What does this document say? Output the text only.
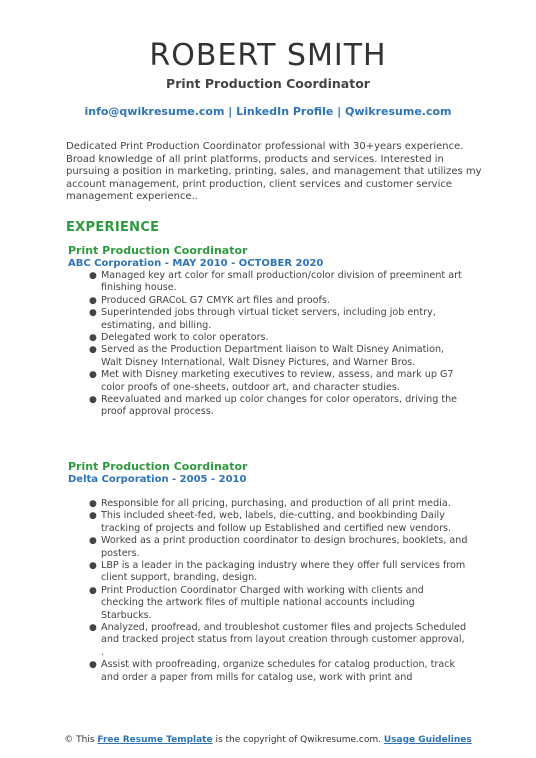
ROBERT SMITH
Print Production Coordinator
info@qwikresume.com | LinkedIn Profile | Qwikresume.com
Dedicated Print Production Coordinator professional with 30+years experience. Broad knowledge of all print platforms, products and services. Interested in pursuing a position in marketing, printing, sales, and management that utilizes my account management, print production, client services and customer service management experience..
EXPERIENCE
Print Production Coordinator
ABC Corporation - MAY 2010 - OCTOBER 2020
● Managed key art color for small production/color division of preeminent art finishing house.
● Produced GRACoL G7 CMYK art files and proofs.
● Superintended jobs through virtual ticket servers, including job entry, estimating, and billing.
● Delegated work to color operators.
● Served as the Production Department liaison to Walt Disney Animation, Walt Disney International, Walt Disney Pictures, and Warner Bros.
● Met with Disney marketing executives to review, assess, and mark up G7 color proofs of one-sheets, outdoor art, and character studies.
● Reevaluated and marked up color changes for color operators, driving the proof approval process.
Print Production Coordinator
Delta Corporation - 2005 - 2010
● Responsible for all pricing, purchasing, and production of all print media.
● This included sheet-fed, web, labels, die-cutting, and bookbinding Daily tracking of projects and follow up Established and certified new vendors.
● Worked as a print production coordinator to design brochures, booklets, and posters.
● LBP is a leader in the packaging industry where they offer full services from client support, branding, design.
● Print Production Coordinator Charged with working with clients and checking the artwork files of multiple national accounts including Starbucks.
● Analyzed, proofread, and troubleshot customer files and projects Scheduled and tracked project status from layout creation through customer approval, .
● Assist with proofreading, organize schedules for catalog production, track and order a paper from mills for catalog use, work with print and
© This Free Resume Template is the copyright of Qwikresume.com. Usage Guidelines
